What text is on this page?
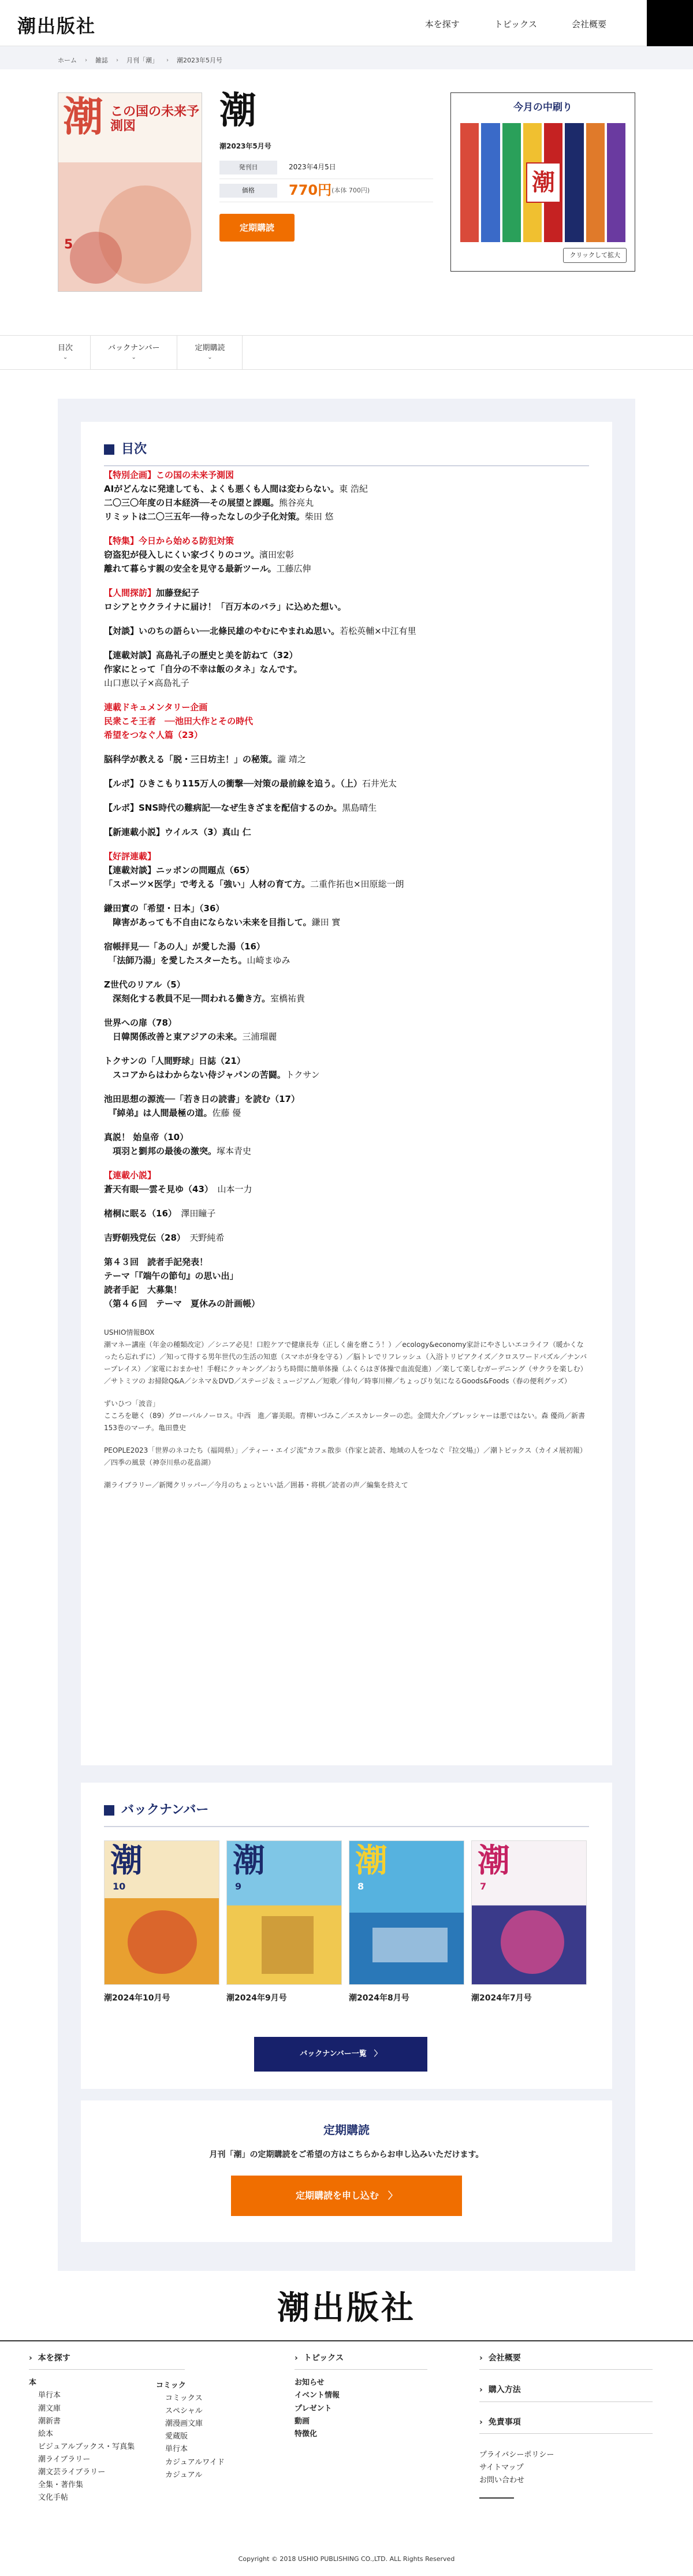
潮出版社	本を探す	トピックス	会社概要
ホーム › 雑誌 › 月刊「潮」 › 潮2023年5月号
潮 この国の未来予測図
5
潮
潮2023年5月号
発刊日	2023年4月5日
価格	770円 (本体 700円)
定期購読
今月の中刷り
潮
クリックして拡大
目次
⌄
バックナンバー
⌄
定期購読
⌄
目次

【特別企画】この国の未来予測図

AIがどんなに発達しても、よくも悪くも人間は変わらない。東 浩紀

二〇三〇年度の日本経済──その展望と課題。熊谷亮丸

リミットは二〇三五年──待ったなしの少子化対策。柴田 悠

【特集】今日から始める防犯対策

窃盗犯が侵入しにくい家づくりのコツ。濱田宏彰

離れて暮らす親の安全を見守る最新ツール。工藤広伸

【人間探訪】加藤登紀子

ロシアとウクライナに届け！「百万本のバラ」に込めた想い。

【対談】いのちの語らい──北條民雄のやむにやまれぬ思い。若松英輔×中江有里

【連載対談】高島礼子の歴史と美を訪ねて（32）

作家にとって「自分の不幸は飯のタネ」なんです。

山口恵以子×高島礼子

連載ドキュメンタリー企画

民衆こそ王者　──池田大作とその時代

希望をつなぐ人篇（23）

脳科学が教える「脱・三日坊主！」の秘策。瀧 靖之

【ルポ】ひきこもり115万人の衝撃──対策の最前線を追う。（上）石井光太

【ルポ】SNS時代の難病記──なぜ生きざまを配信するのか。黒島晴生

【新連載小説】ウイルス（3）真山 仁

【好評連載】

【連載対談】ニッポンの問題点（65）

「スポーツ×医学」で考える「強い」人材の育て方。二重作拓也×田原総一朗

鎌田實の「希望・日本」（36）

　障害があっても不自由にならない未来を目指して。鎌田 實

宿帳拝見──「あの人」が愛した湯（16）

　「法師乃湯」を愛したスターたち。山崎まゆみ

Z世代のリアル（5）

　深刻化する教員不足──問われる働き方。室橋祐貴

世界への扉（78）

　日韓関係改善と東アジアの未来。三浦瑠麗

トクサンの「人間野球」日誌（21）

　スコアからはわからない侍ジャパンの苦闘。トクサン

池田思想の源流──「若き日の読書」を読む（17）

　『綽弟』は人間最極の道。佐藤 優

真説！ 始皇帝（10）

　項羽と劉邦の最後の激突。塚本青史

【連載小説】

蒼天有眼──雲そ見ゆ（43）　山本一力

楮桐に眠る（16）　澤田瞳子

吉野朝残党伝（28）　天野純希

第４３回　読者手記発表！

テーマ「『端午の節句』の思い出」

読者手記　大募集！

（第４６回　テーマ　夏休みの計画帳）

USHIO情報BOX

潮マネー講座（年金の種類改定）／シニア必見！口腔ケアで健康長寿（正しく歯を磨こう！）／ecology&economy家計にやさしいエコライフ（暖かくなったら忘れずに）／知って得する男年世代の生活の知恵（スマホが身を守る）／脳トレでリフレッシュ（入浴トリビアクイズ／クロスワードパズル／ナンバープレイス）／家電におまかせ！手軽にクッキング／おうち時間に簡単体操（ふくらはぎ体操で血流促進）／楽して楽しむガーデニング（サクラを楽しむ）／サトミツの お掃除Q&A／シネマ＆DVD／ステージ＆ミュージアム／短歌／俳句／時事川柳／ちょっぴり気になるGoods&Foods（春の便利グッズ）

ずいひつ「波音」

こころを聴く（89）グローバルノーロス。中西　進／審美眼。青柳いづみこ／エスカレーターの恋。金間大介／プレッシャーは悪ではない。森 優尚／新書153巻のマーチ。亀田豊史

PEOPLE2023「世界のネコたち（福岡県）」／ティー・エイジ流”カフェ散歩（作家と読者、地域の人をつなぐ『拉交場』）／潮トピックス（カイメ展初報）／四季の風景（神奈川県の花畠湖）

潮ライブラリー／新聞クリッパー／今月のちょっといい話／囲碁・将棋／読者の声／編集を終えて

バックナンバー
潮
10
潮2024年10月号
潮
9
潮2024年9月号
潮
8
潮2024年8月号
潮
7
潮2024年7月号
バックナンバー一覧　〉
定期購読
月刊「潮」の定期購読をご希望の方はこちらからお申し込みいただけます。
定期購読を申し込む　〉
潮出版社
› 本を探す
本
単行本
潮文庫
潮新書
絵本
ビジュアルブックス・写真集
潮ライブラリー
潮文芸ライブラリー
全集・著作集
文化手帖
コミック
コミックス
スペシャル
潮漫画文庫
愛蔵版
単行本
カジュアルワイド
カジュアル
› トピックス
お知らせ
イベント情報
プレゼント
動画
特徴化
› 会社概要
› 購入方法
› 免責事項
プライバシーポリシー
サイトマップ
お問い合わせ
Copyright © 2018 USHIO PUBLISHING CO.,LTD. ALL Rights Reserved
